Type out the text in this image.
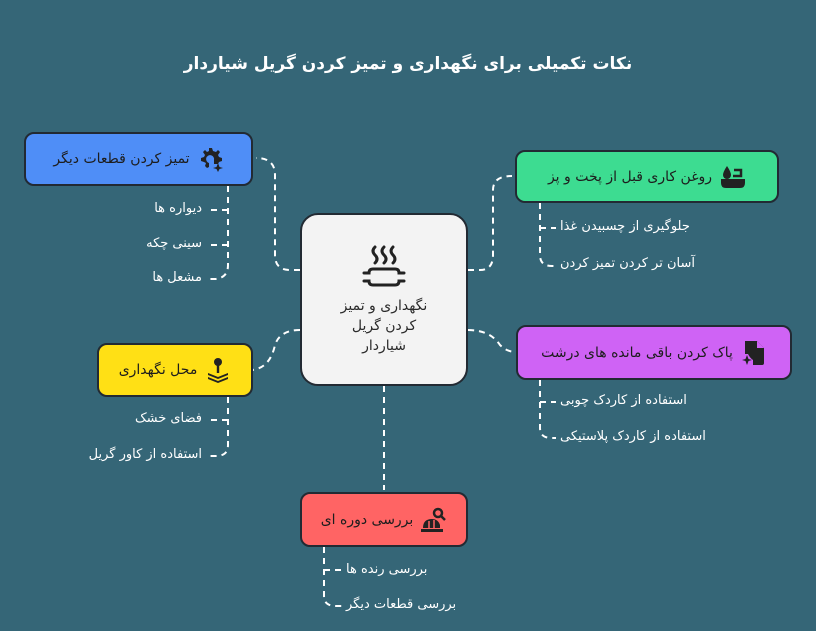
نکات تکمیلی برای نگهداری و تمیز کردن گریل شیاردار
نگهداری و تمیز کردن گریل شیاردار
تمیز کردن قطعات دیگر
دیواره ها
سینی چکه
مشعل ها
روغن کاری قبل از پخت و پز
جلوگیری از چسبیدن غذا
آسان تر کردن تمیز کردن
محل نگهداری
فضای خشک
استفاده از کاور گریل
پاک کردن باقی مانده های درشت
استفاده از کاردک چوبی
استفاده از کاردک پلاستیکی
بررسی دوره ای
بررسی رنده ها
بررسی قطعات دیگر
